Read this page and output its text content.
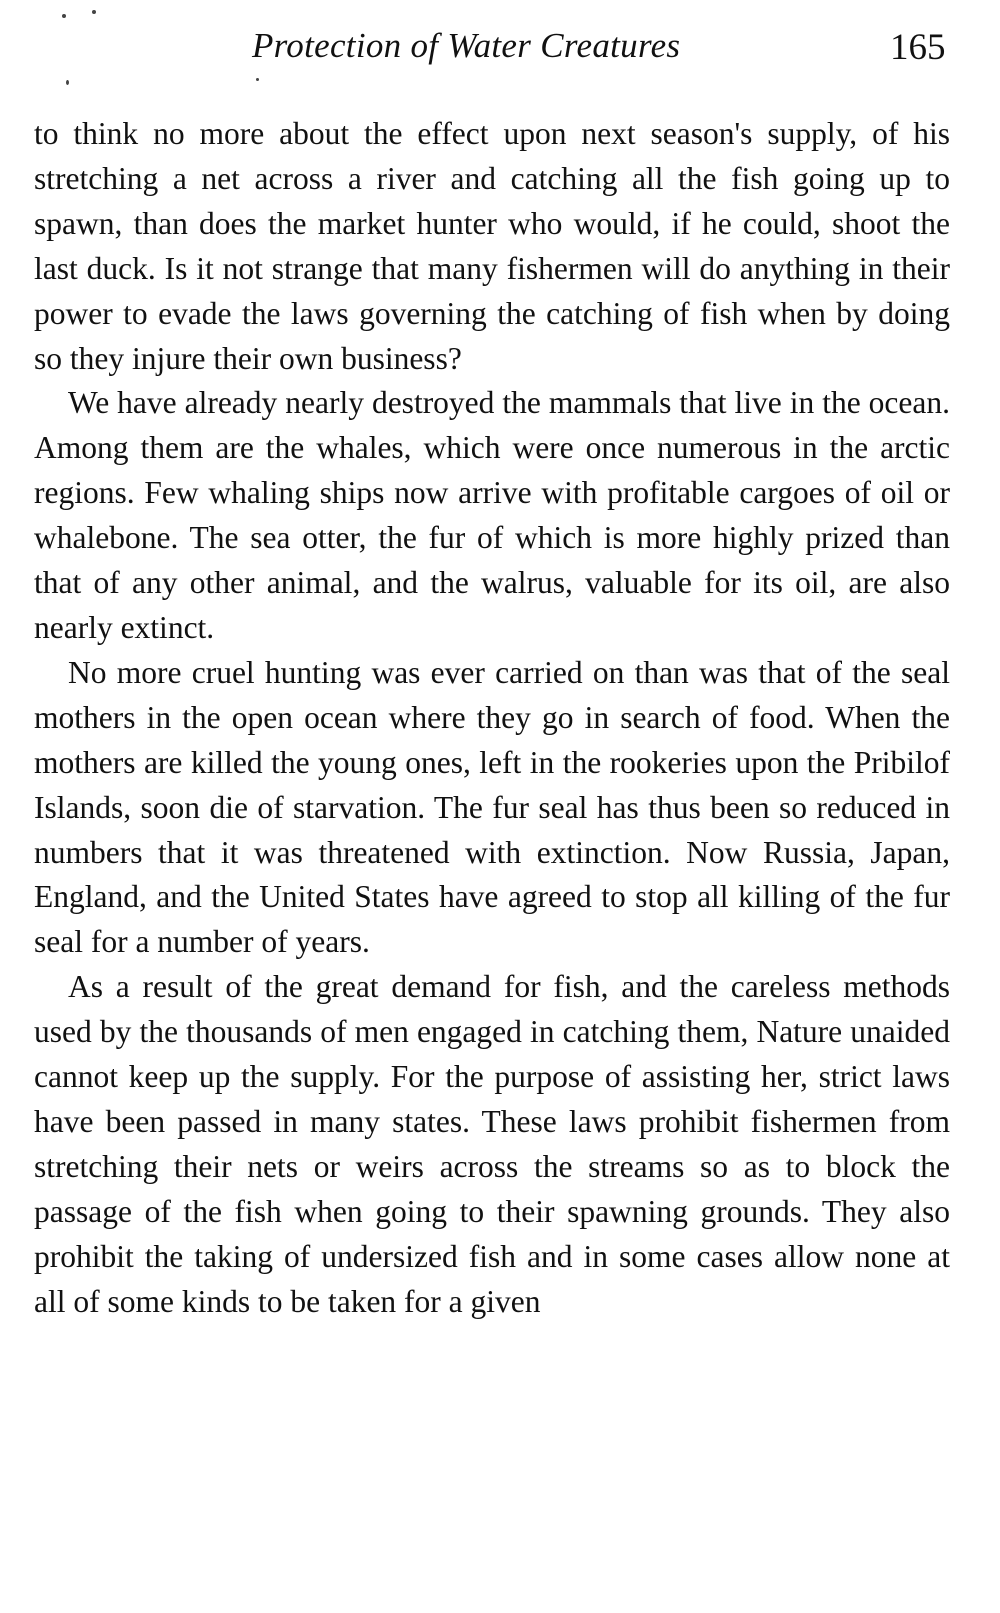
Protection of Water Creatures	165

to think no more about the effect upon next season's supply, of his stretching a net across a river and catching all the fish going up to spawn, than does the market hunter who would, if he could, shoot the last duck. Is it not strange that many fishermen will do anything in their power to evade the laws governing the catching of fish when by doing so they injure their own business?

We have already nearly destroyed the mammals that live in the ocean. Among them are the whales, which were once numerous in the arctic regions. Few whaling ships now arrive with profitable cargoes of oil or whalebone. The sea otter, the fur of which is more highly prized than that of any other animal, and the walrus, valuable for its oil, are also nearly extinct.

No more cruel hunting was ever carried on than was that of the seal mothers in the open ocean where they go in search of food. When the mothers are killed the young ones, left in the rookeries upon the Pribilof Islands, soon die of starvation. The fur seal has thus been so reduced in numbers that it was threatened with extinction. Now Russia, Japan, England, and the United States have agreed to stop all killing of the fur seal for a number of years.

As a result of the great demand for fish, and the careless methods used by the thousands of men engaged in catching them, Nature unaided cannot keep up the supply. For the purpose of assisting her, strict laws have been passed in many states. These laws prohibit fishermen from stretching their nets or weirs across the streams so as to block the passage of the fish when going to their spawning grounds. They also prohibit the taking of undersized fish and in some cases allow none at all of some kinds to be taken for a given
